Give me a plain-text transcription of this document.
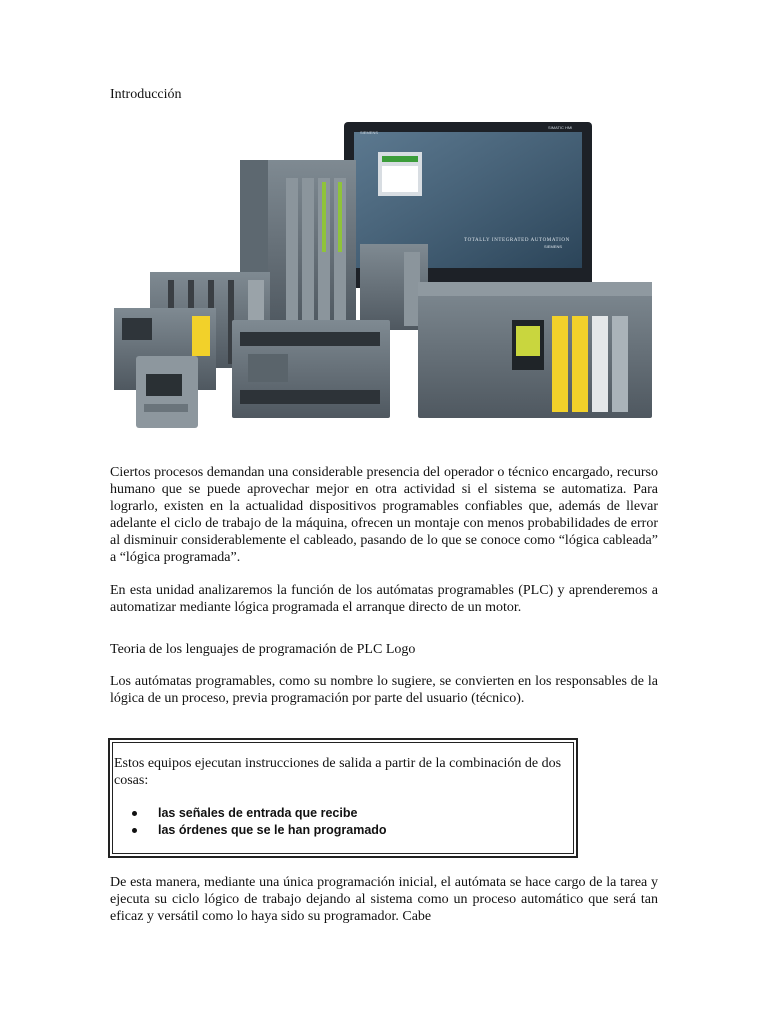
Introducción
SIEMENS
SIMATIC HMI
TOTALLY INTEGRATED AUTOMATION
SIEMENS

Ciertos procesos demandan una considerable presencia del operador o técnico encargado, recurso humano que se puede aprovechar mejor en otra actividad si el sistema se automatiza. Para lograrlo, existen en la actualidad dispositivos programables confiables que, además de llevar adelante el ciclo de trabajo de la máquina, ofrecen un montaje con menos probabilidades de error al disminuir considerablemente el cableado, pasando de lo que se conoce como “lógica cableada” a “lógica programada”.

En esta unidad analizaremos la función de los autómatas programables (PLC) y aprenderemos a automatizar mediante lógica programada el arranque directo de un motor.

Teoria de los lenguajes de programación de PLC Logo

Los autómatas programables, como su nombre lo sugiere, se convierten en los responsables de la lógica de un proceso, previa programación por parte del usuario (técnico).

Estos equipos ejecutan instrucciones de salida a partir de la combinación de dos cosas:

las señales de entrada que recibe
las órdenes que se le han programado

De esta manera, mediante una única programación inicial, el autómata se hace cargo de la tarea y ejecuta su ciclo lógico de trabajo dejando al sistema como un proceso automático que será tan eficaz y versátil como lo haya sido su programador. Cabe
